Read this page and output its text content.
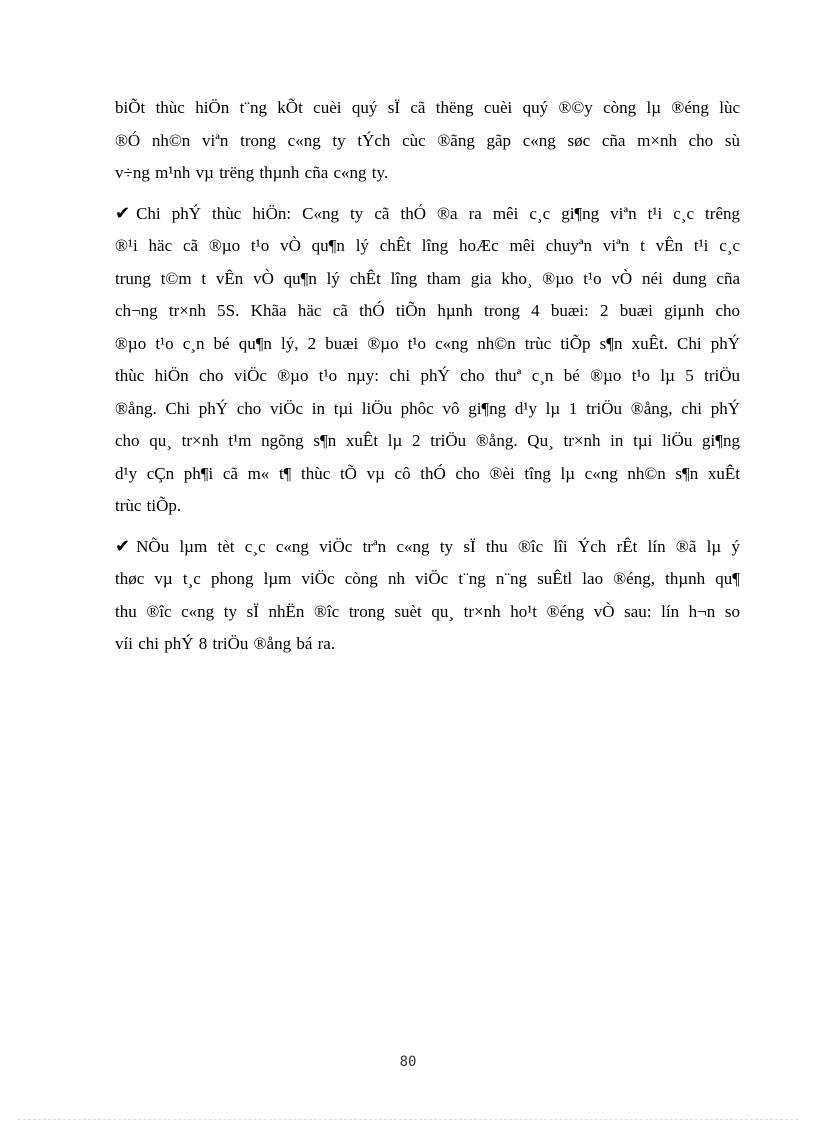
biÕt thùc hiÖn t¨ng kÕt cuèi quý sÏ cã thëng cuèi quý ®©y còng lµ ®éng lùc
®Ó nh©n viªn trong c«ng ty tÝch cùc ®ãng gãp c«ng søc cña m×nh cho sù
v÷ng m¹nh vµ trëng thµnh cña c«ng ty.

✔ Chi phÝ thùc hiÖn: C«ng ty cã thÓ ®a ra mêi c¸c gi¶ng viªn t¹i c¸c trêng
®¹i häc cã ®µo t¹o vÒ qu¶n lý chÊt lîng hoÆc mêi chuyªn viªn t vÊn t¹i c¸c
trung t©m t vÊn vÒ qu¶n lý chÊt lîng tham gia kho¸ ®µo t¹o vÒ néi dung cña
ch¬ng tr×nh 5S. Khãa häc cã thÓ tiÕn hµnh trong 4 buæi: 2 buæi giµnh cho
®µo t¹o c¸n bé qu¶n lý, 2 buæi ®µo t¹o c«ng nh©n trùc tiÕp s¶n xuÊt. Chi phÝ
thùc hiÖn cho viÖc ®µo t¹o nµy: chi phÝ cho thuª c¸n bé ®µo t¹o lµ 5 triÖu
®ång. Chi phÝ cho viÖc in tµi liÖu phôc vô gi¶ng d¹y lµ 1 triÖu ®ång, chi phÝ
cho qu¸ tr×nh t¹m ngõng s¶n xuÊt lµ 2 triÖu ®ång. Qu¸ tr×nh in tµi liÖu gi¶ng
d¹y cÇn ph¶i cã m« t¶ thùc tÕ vµ cô thÓ cho ®èi tîng lµ c«ng nh©n s¶n xuÊt
trùc tiÕp.

✔ NÕu lµm tèt c¸c c«ng viÖc trªn c«ng ty sÏ thu ®îc lîi Ých rÊt lín ®ã lµ ý
thøc vµ t¸c phong lµm viÖc còng nh viÖc t¨ng n¨ng suÊtl lao ®éng, thµnh qu¶
thu ®îc c«ng ty sÏ nhËn ®îc trong suèt qu¸ tr×nh ho¹t ®éng vÒ sau: lín h¬n so
víi chi phÝ 8 triÖu ®ång bá ra.

80
